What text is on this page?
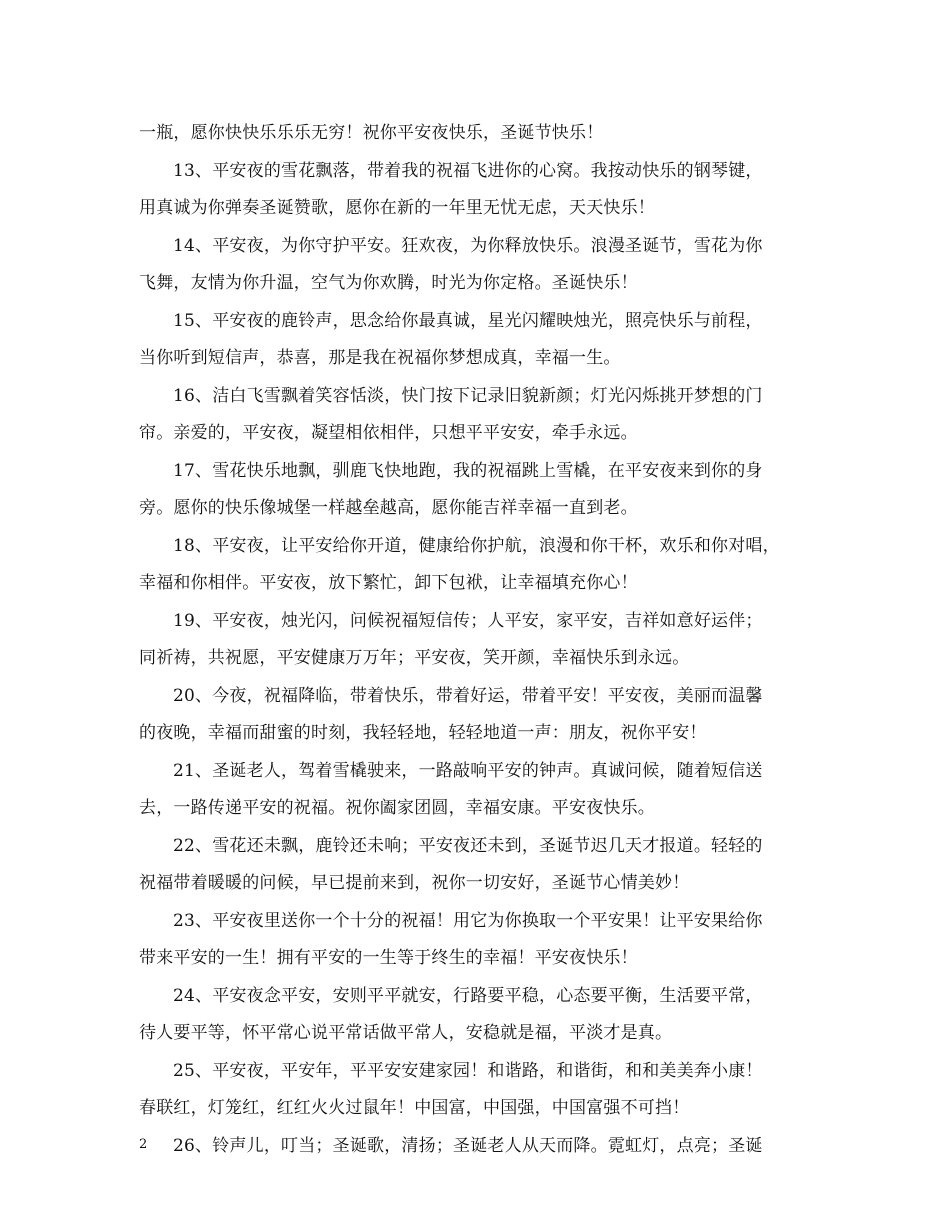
一瓶，愿你快快乐乐乐无穷！祝你平安夜快乐，圣诞节快乐！
13、平安夜的雪花飘落，带着我的祝福飞进你的心窝。我按动快乐的钢琴键，
用真诚为你弹奏圣诞赞歌，愿你在新的一年里无忧无虑，天天快乐！
14、平安夜，为你守护平安。狂欢夜，为你释放快乐。浪漫圣诞节，雪花为你
飞舞，友情为你升温，空气为你欢腾，时光为你定格。圣诞快乐！
15、平安夜的鹿铃声，思念给你最真诚，星光闪耀映烛光，照亮快乐与前程，
当你听到短信声，恭喜，那是我在祝福你梦想成真，幸福一生。
16、洁白飞雪飘着笑容恬淡，快门按下记录旧貌新颜；灯光闪烁挑开梦想的门
帘。亲爱的，平安夜，凝望相依相伴，只想平平安安，牵手永远。
17、雪花快乐地飘，驯鹿飞快地跑，我的祝福跳上雪橇，在平安夜来到你的身
旁。愿你的快乐像城堡一样越垒越高，愿你能吉祥幸福一直到老。
18、平安夜，让平安给你开道，健康给你护航，浪漫和你干杯，欢乐和你对唱，
幸福和你相伴。平安夜，放下繁忙，卸下包袱，让幸福填充你心！
19、平安夜，烛光闪，问候祝福短信传；人平安，家平安，吉祥如意好运伴；
同祈祷，共祝愿，平安健康万万年；平安夜，笑开颜，幸福快乐到永远。
20、今夜，祝福降临，带着快乐，带着好运，带着平安！平安夜，美丽而温馨
的夜晚，幸福而甜蜜的时刻，我轻轻地，轻轻地道一声：朋友，祝你平安！
21、圣诞老人，驾着雪橇驶来，一路敲响平安的钟声。真诚问候，随着短信送
去，一路传递平安的祝福。祝你阖家团圆，幸福安康。平安夜快乐。
22、雪花还未飘，鹿铃还未响；平安夜还未到，圣诞节迟几天才报道。轻轻的
祝福带着暖暖的问候，早已提前来到，祝你一切安好，圣诞节心情美妙！
23、平安夜里送你一个十分的祝福！用它为你换取一个平安果！让平安果给你
带来平安的一生！拥有平安的一生等于终生的幸福！平安夜快乐！
24、平安夜念平安，安则平平就安，行路要平稳，心态要平衡，生活要平常，
待人要平等，怀平常心说平常话做平常人，安稳就是福，平淡才是真。
25、平安夜，平安年，平平安安建家园！和谐路，和谐街，和和美美奔小康！
春联红，灯笼红，红红火火过鼠年！中国富，中国强，中国富强不可挡！
26、铃声儿，叮当；圣诞歌，清扬；圣诞老人从天而降。霓虹灯，点亮；圣诞
2
